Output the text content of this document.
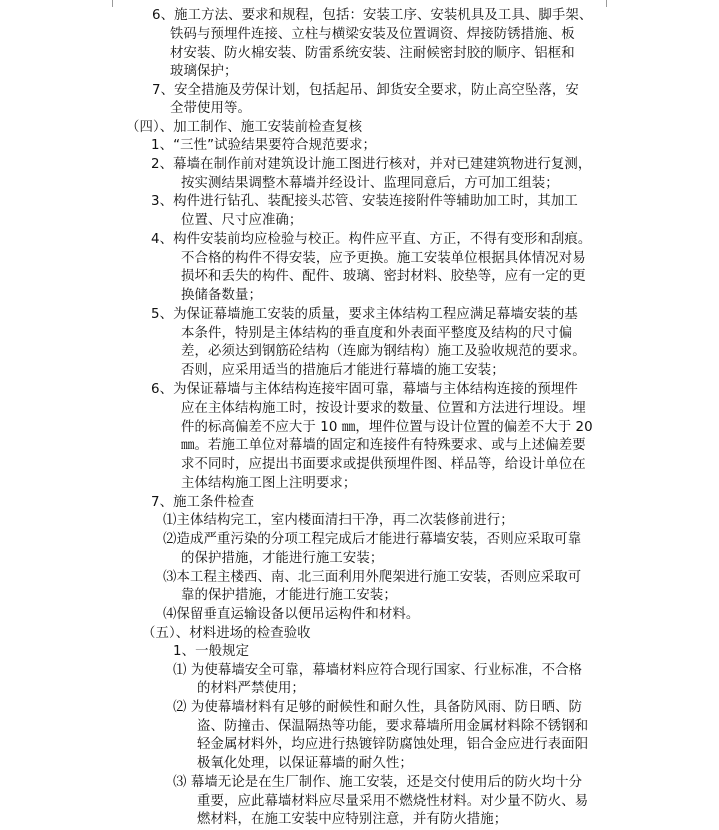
6、施工方法、要求和规程，包括：安装工序、安装机具及工具、脚手架、
铁码与预埋件连接、立柱与横梁安装及位置调资、焊接防锈措施、板
材安装、防火棉安装、防雷系统安装、注耐候密封胶的顺序、铝框和
玻璃保护；
7、安全措施及劳保计划，包括起吊、卸货安全要求，防止高空坠落，安
全带使用等。
（四）、加工制作、施工安装前检查复核
1、“三性”试验结果要符合规范要求；
2、幕墙在制作前对建筑设计施工图进行核对，并对已建建筑物进行复测，
按实测结果调整木幕墙并经设计、监理同意后，方可加工组装；
3、构件进行钻孔、装配接头芯管、安装连接附件等辅助加工时，其加工
位置、尺寸应准确；
4、构件安装前均应检验与校正。构件应平直、方正，不得有变形和刮痕。
不合格的构件不得安装，应予更换。施工安装单位根据具体情况对易
损坏和丢失的构件、配件、玻璃、密封材料、胶垫等，应有一定的更
换储备数量；
5、为保证幕墙施工安装的质量，要求主体结构工程应满足幕墙安装的基
本条件，特别是主体结构的垂直度和外表面平整度及结构的尺寸偏
差，必须达到钢筋砼结构（连廊为钢结构）施工及验收规范的要求。
否则，应采用适当的措施后才能进行幕墙的施工安装；
6、为保证幕墙与主体结构连接牢固可靠，幕墙与主体结构连接的预埋件
应在主体结构施工时，按设计要求的数量、位置和方法进行埋设。埋
件的标高偏差不应大于 10 ㎜，埋件位置与设计位置的偏差不大于 20
㎜。若施工单位对幕墙的固定和连接件有特殊要求、或与上述偏差要
求不同时，应提出书面要求或提供预埋件图、样品等，给设计单位在
主体结构施工图上注明要求；
7、施工条件检查
⑴主体结构完工，室内楼面清扫干净，再二次装修前进行；
⑵造成严重污染的分项工程完成后才能进行幕墙安装，否则应采取可靠
的保护措施，才能进行施工安装；
⑶本工程主楼西、南、北三面利用外爬架进行施工安装，否则应采取可
靠的保护措施，才能进行施工安装；
⑷保留垂直运输设备以便吊运构件和材料。
（五）、材料进场的检查验收
1、一般规定
⑴ 为使幕墙安全可靠，幕墙材料应符合现行国家、行业标准，不合格
的材料严禁使用；
⑵ 为使幕墙材料有足够的耐候性和耐久性，具备防风雨、防日晒、防
盗、防撞击、保温隔热等功能，要求幕墙所用金属材料除不锈钢和
轻金属材料外，均应进行热镀锌防腐蚀处理，铝合金应进行表面阳
极氧化处理，以保证幕墙的耐久性；
⑶ 幕墙无论是在生厂制作、施工安装，还是交付使用后的防火均十分
重要，应此幕墙材料应尽量采用不燃烧性材料。对少量不防火、易
燃材料，在施工安装中应特别注意，并有防火措施；
